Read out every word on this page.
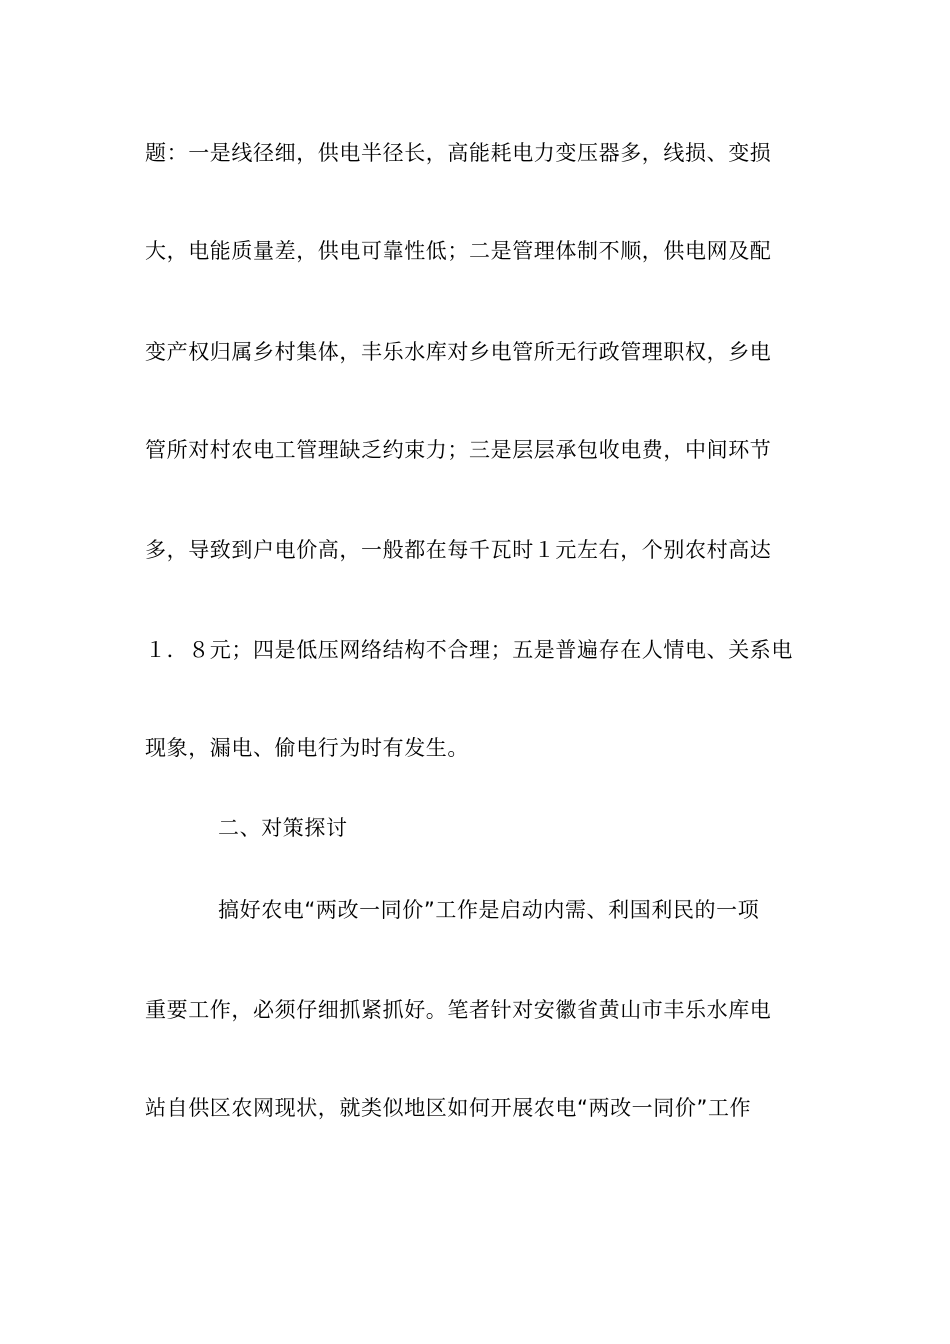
题：一是线径细，供电半径长，高能耗电力变压器多，线损、变损
大，电能质量差，供电可靠性低；二是管理体制不顺，供电网及配
变产权归属乡村集体，丰乐水库对乡电管所无行政管理职权，乡电
管所对村农电工管理缺乏约束力；三是层层承包收电费，中间环节
多，导致到户电价高，一般都在每千瓦时１元左右，个别农村高达
１．８元；四是低压网络结构不合理；五是普遍存在人情电、关系电
现象，漏电、偷电行为时有发生。
二、对策探讨
搞好农电“两改一同价”工作是启动内需、利国利民的一项
重要工作，必须仔细抓紧抓好。笔者针对安徽省黄山市丰乐水库电
站自供区农网现状，就类似地区如何开展农电“两改一同价”工作
